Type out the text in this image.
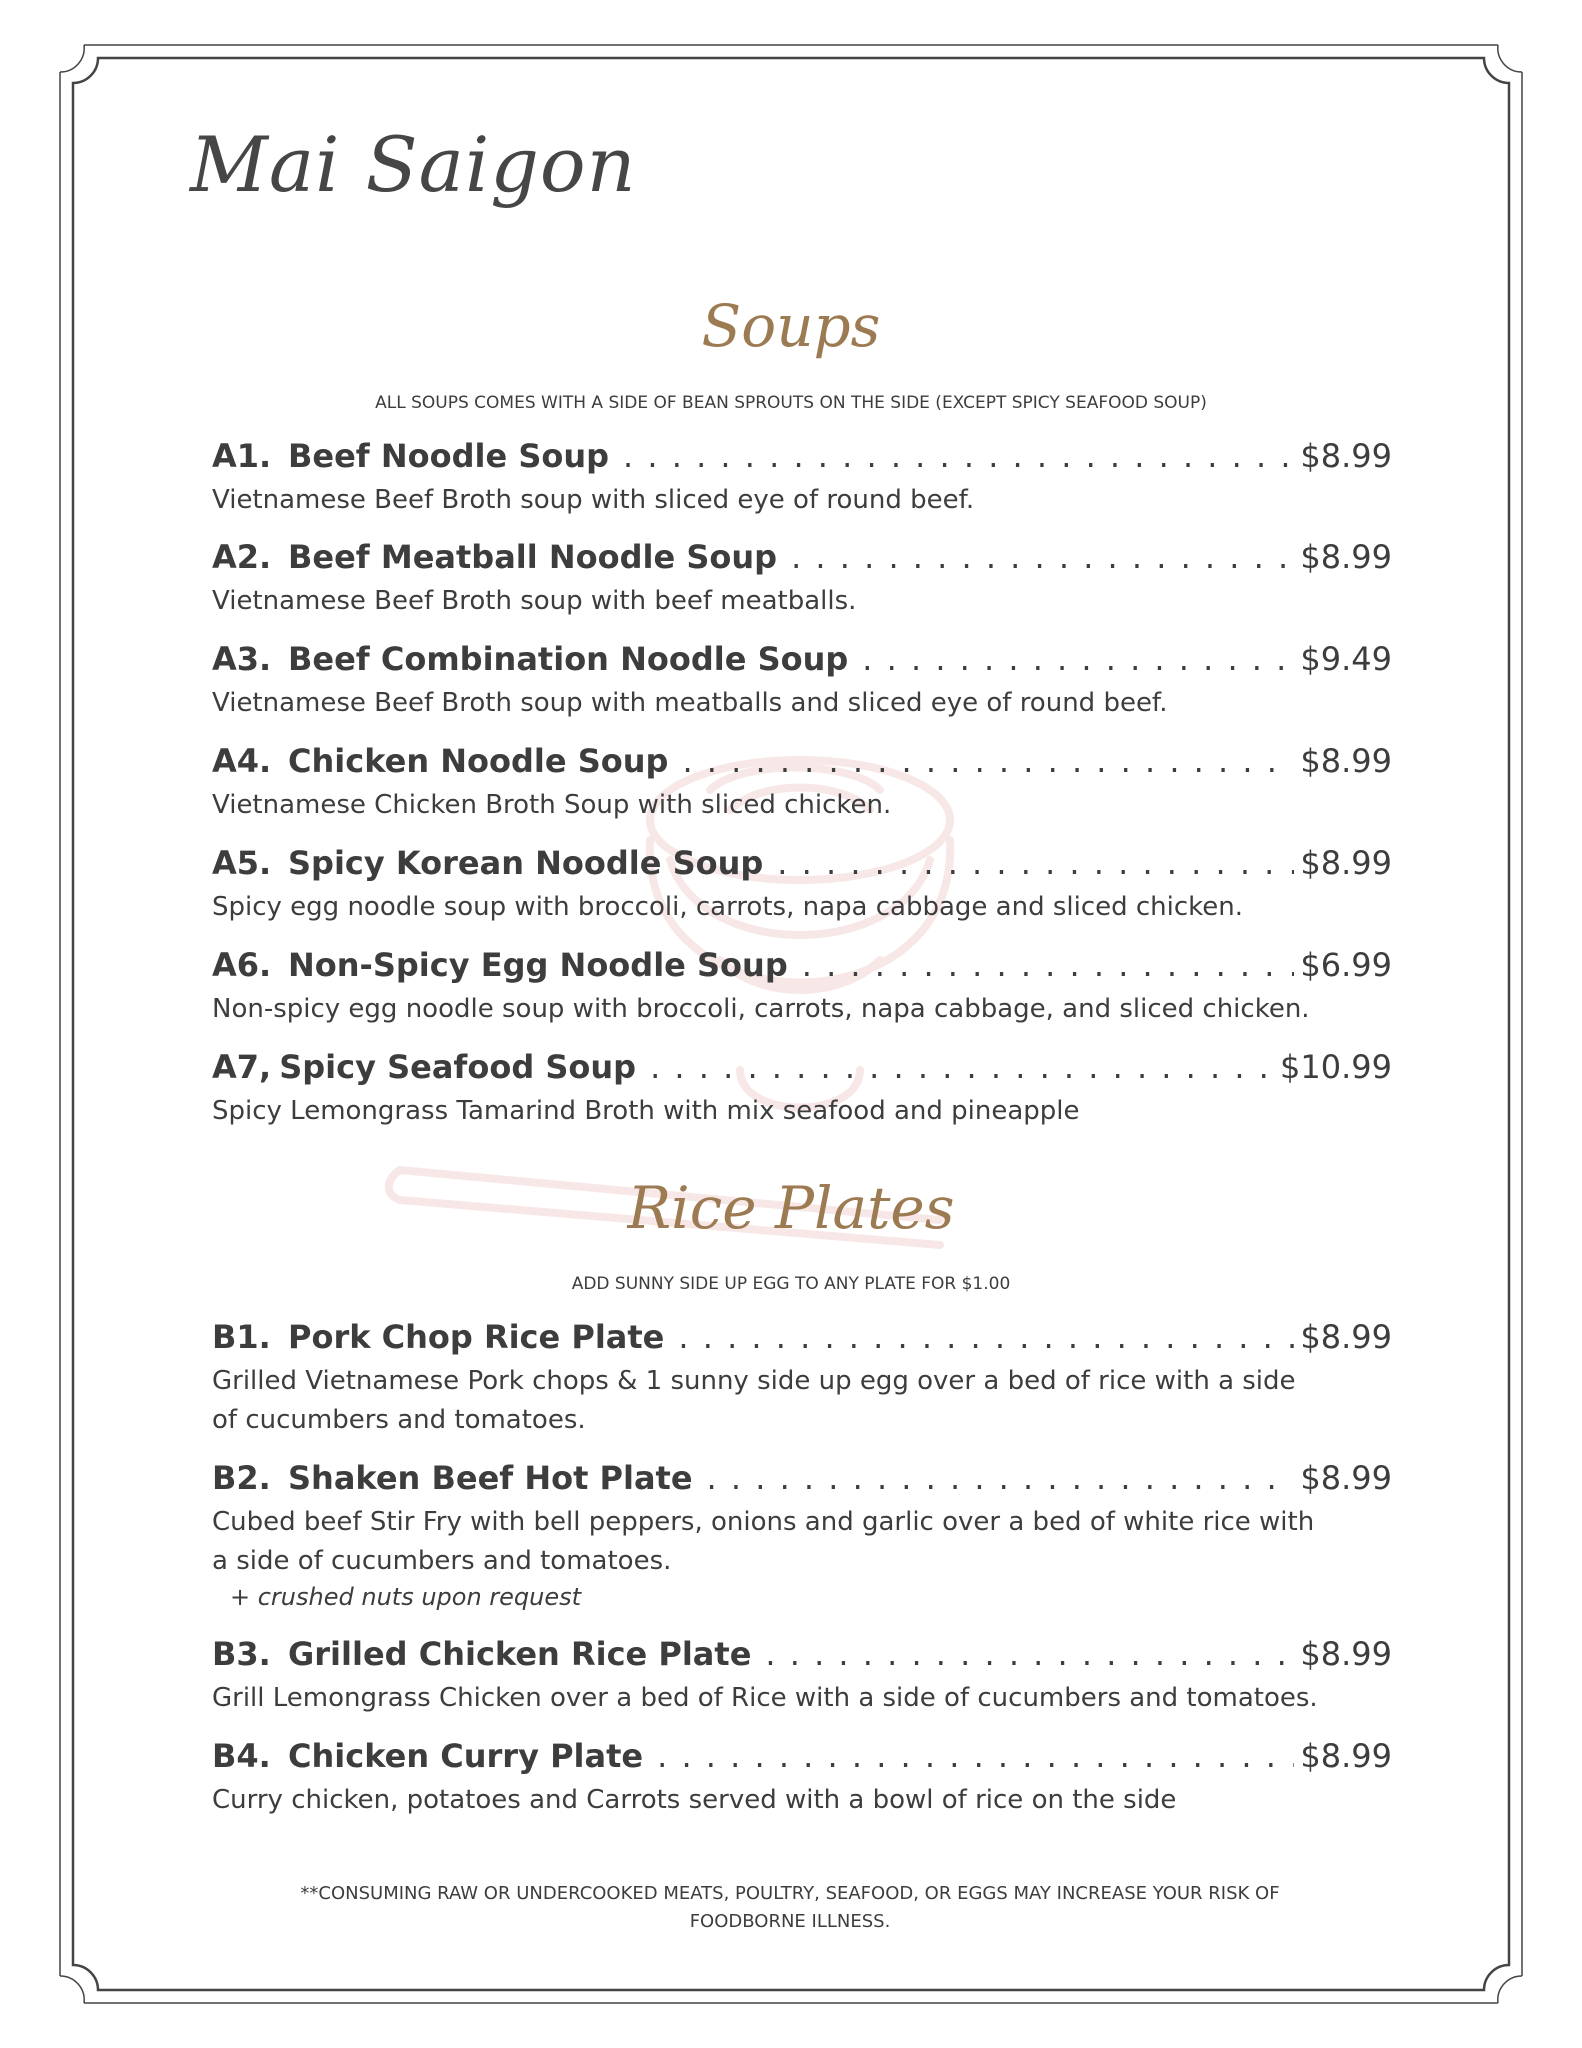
Mai Saigon
Soups

ALL SOUPS COMES WITH A SIDE OF BEAN SPROUTS ON THE SIDE (EXCEPT SPICY SEAFOOD SOUP)

A1. Beef Noodle Soup . . .	$8.99
Vietnamese Beef Broth soup with sliced eye of round beef.
A2. Beef Meatball Noodle Soup . . .	$8.99
Vietnamese Beef Broth soup with beef meatballs.
A3. Beef Combination Noodle Soup . . .	$9.49
Vietnamese Beef Broth soup with meatballs and sliced eye of round beef.
A4. Chicken Noodle Soup . . .	$8.99
Vietnamese Chicken Broth Soup with sliced chicken.
A5. Spicy Korean Noodle Soup . . .	$8.99
Spicy egg noodle soup with broccoli, carrots, napa cabbage and sliced chicken.
A6. Non-Spicy Egg Noodle Soup . . .	$6.99
Non-spicy egg noodle soup with broccoli, carrots, napa cabbage, and sliced chicken.
A7, Spicy Seafood Soup . . .	$10.99
Spicy Lemongrass Tamarind Broth with mix seafood and pineapple
Rice Plates

ADD SUNNY SIDE UP EGG TO ANY PLATE FOR $1.00

B1. Pork Chop Rice Plate . . .	$8.99
Grilled Vietnamese Pork chops & 1 sunny side up egg over a bed of rice with a side
of cucumbers and tomatoes.
B2. Shaken Beef Hot Plate . . .	$8.99
Cubed beef Stir Fry with bell peppers, onions and garlic over a bed of white rice with
a side of cucumbers and tomatoes.
+ crushed nuts upon request
B3. Grilled Chicken Rice Plate . . .	$8.99
Grill Lemongrass Chicken over a bed of Rice with a side of cucumbers and tomatoes.
B4. Chicken Curry Plate . . .	$8.99
Curry chicken, potatoes and Carrots served with a bowl of rice on the side
**CONSUMING RAW OR UNDERCOOKED MEATS, POULTRY, SEAFOOD, OR EGGS MAY INCREASE YOUR RISK OF
FOODBORNE ILLNESS.
